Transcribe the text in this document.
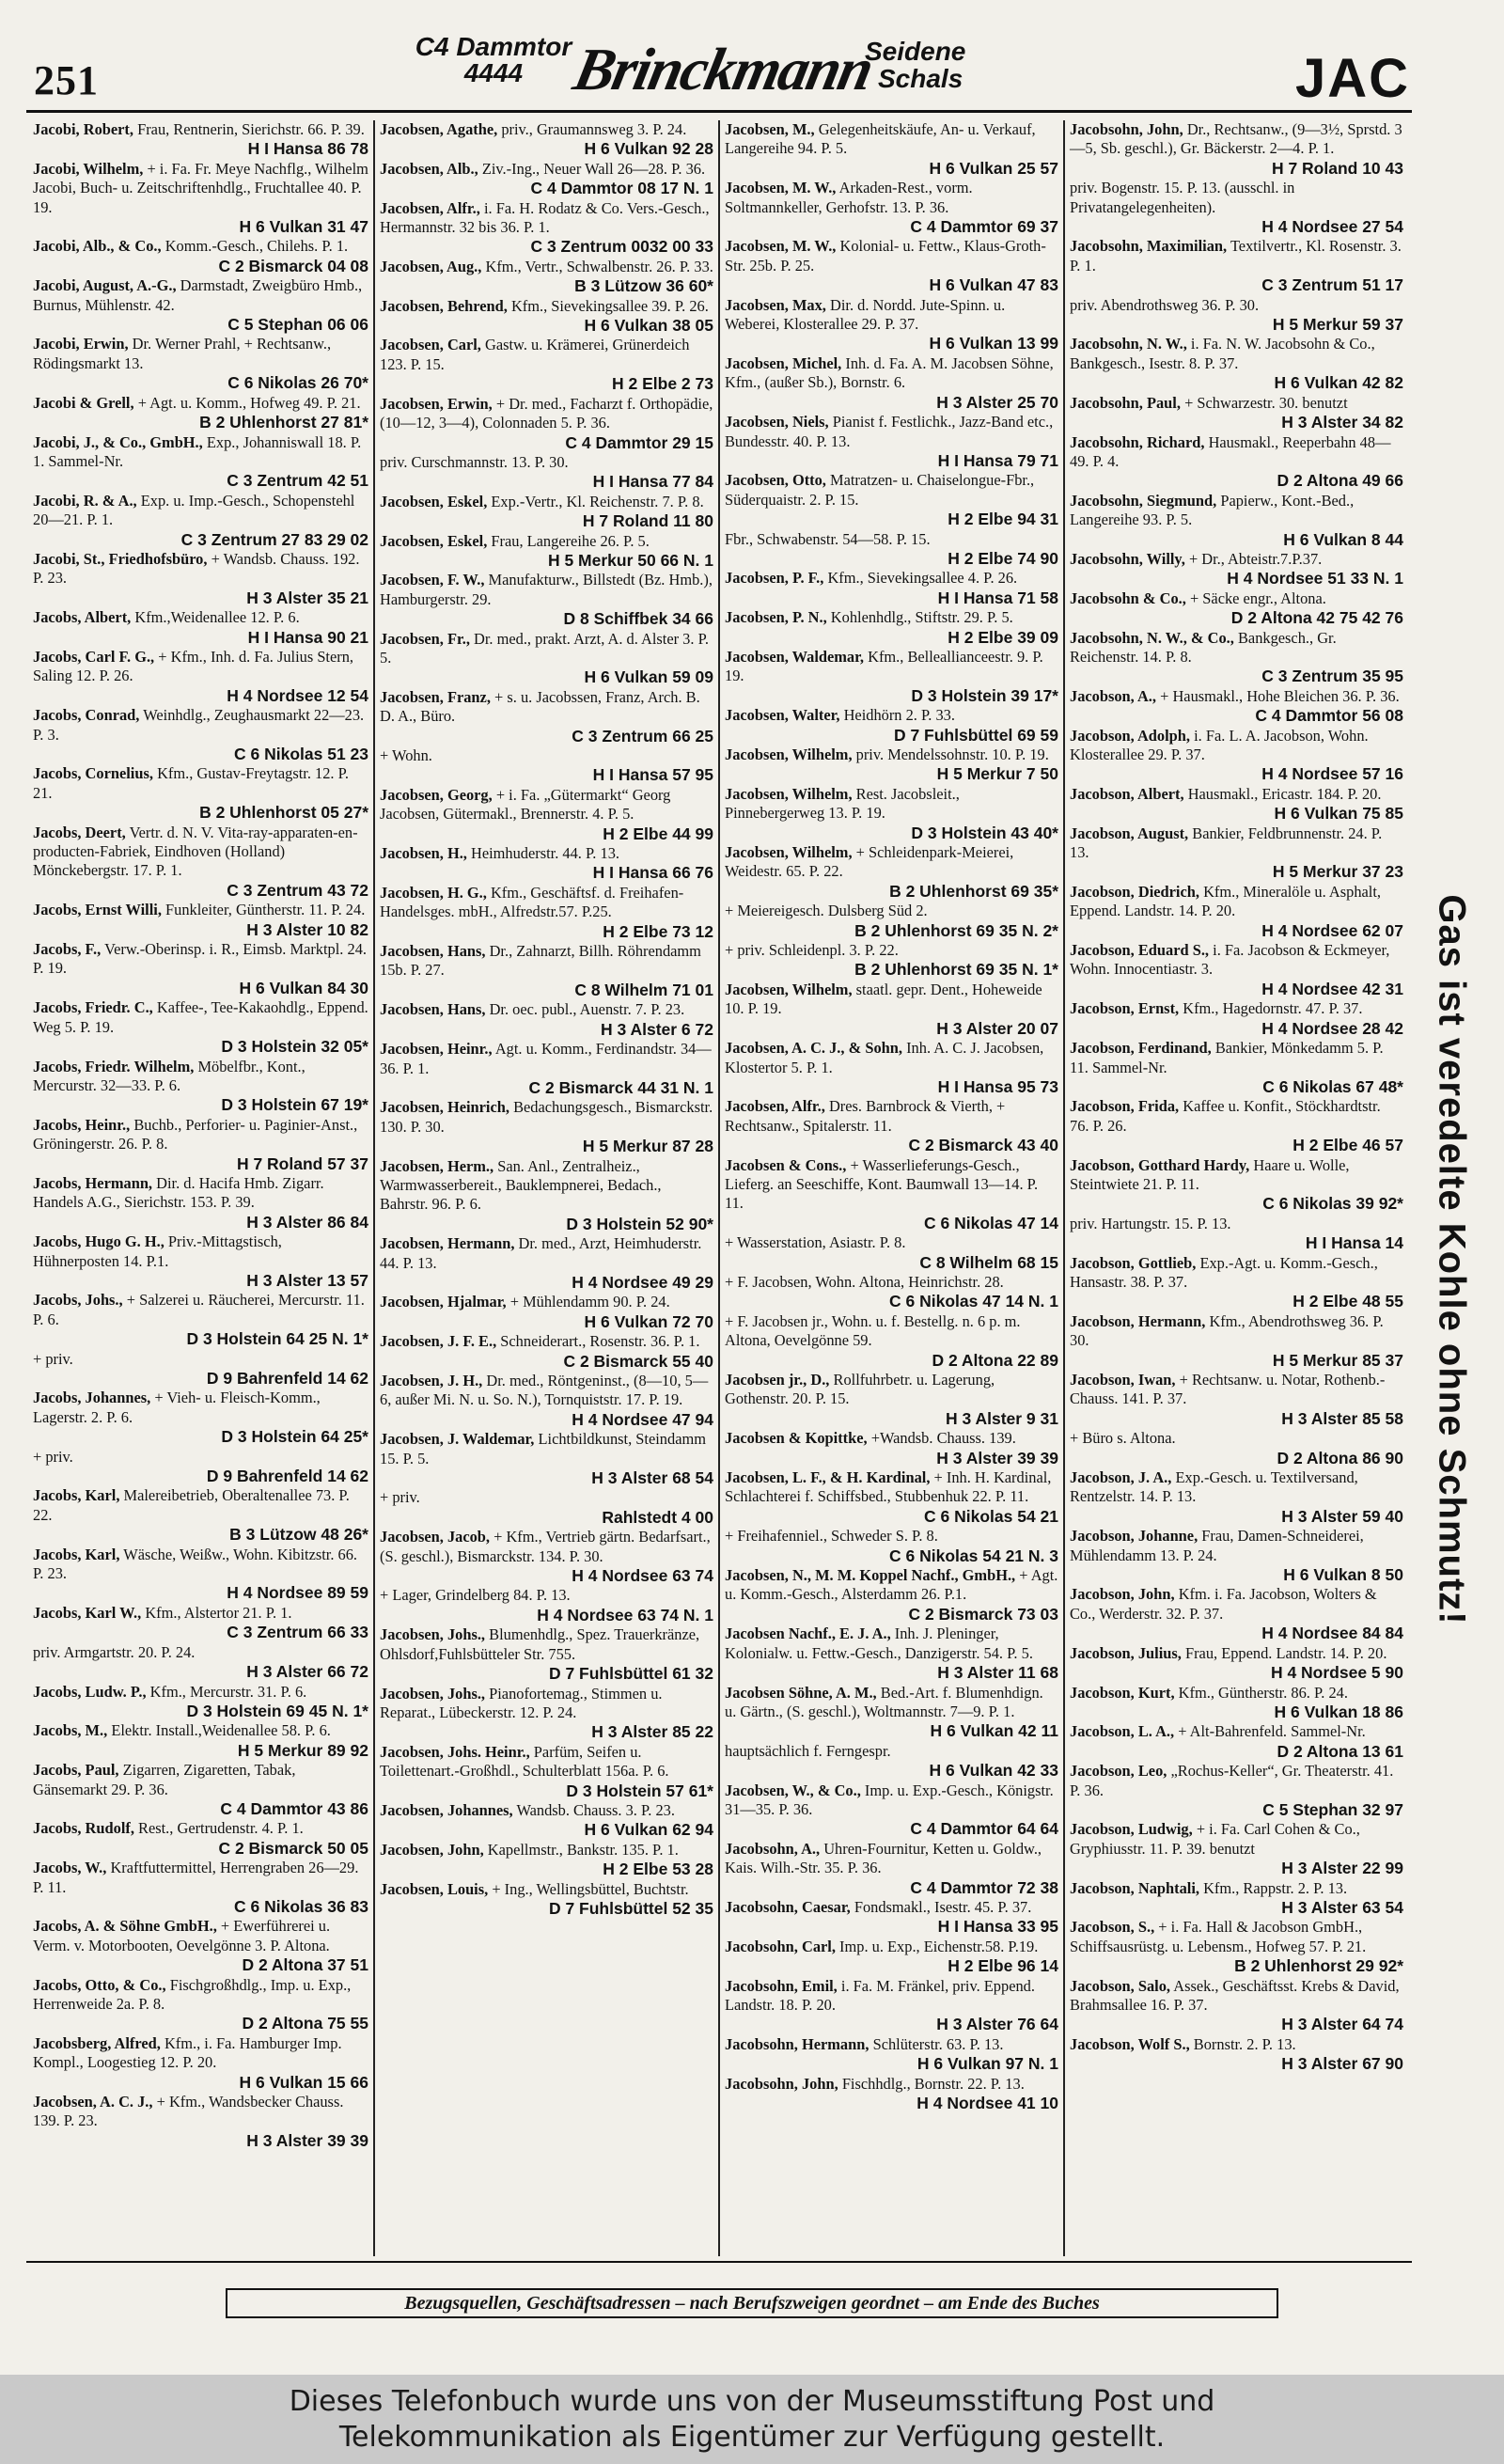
251
C4 Dammtor
4444 Brinckmann
Seidene
Schals	JAC
Jacobi, Robert, Frau, Rentnerin, Sierichstr. 66. P. 39.
H I Hansa 86 78
Jacobi, Wilhelm, + i. Fa. Fr. Meye Nachflg., Wilhelm Jacobi, Buch- u. Zeitschriftenhdlg., Fruchtallee 40. P. 19.
H 6 Vulkan 31 47
Jacobi, Alb., & Co., Komm.-Gesch., Chilehs. P. 1.
C 2 Bismarck 04 08
Jacobi, August, A.-G., Darmstadt, Zweigbüro Hmb., Burnus, Mühlenstr. 42.
C 5 Stephan 06 06
Jacobi, Erwin, Dr. Werner Prahl, + Rechtsanw., Rödingsmarkt 13.
C 6 Nikolas 26 70*
Jacobi & Grell, + Agt. u. Komm., Hofweg 49. P. 21.
B 2 Uhlenhorst 27 81*
Jacobi, J., & Co., GmbH., Exp., Johanniswall 18. P. 1. Sammel-Nr.
C 3 Zentrum 42 51
Jacobi, R. & A., Exp. u. Imp.-Gesch., Schopenstehl 20—21. P. 1.
C 3 Zentrum 27 83 29 02
Jacobi, St., Friedhofsbüro, + Wandsb. Chauss. 192. P. 23.
H 3 Alster 35 21
Jacobs, Albert, Kfm.,Weidenallee 12. P. 6.
H I Hansa 90 21
Jacobs, Carl F. G., + Kfm., Inh. d. Fa. Julius Stern, Saling 12. P. 26.
H 4 Nordsee 12 54
Jacobs, Conrad, Weinhdlg., Zeughausmarkt 22—23. P. 3.
C 6 Nikolas 51 23
Jacobs, Cornelius, Kfm., Gustav-Freytagstr. 12. P. 21.
B 2 Uhlenhorst 05 27*
Jacobs, Deert, Vertr. d. N. V. Vita-ray-apparaten-en-producten-Fabriek, Eindhoven (Holland) Mönckebergstr. 17. P. 1.
C 3 Zentrum 43 72
Jacobs, Ernst Willi, Funkleiter, Güntherstr. 11. P. 24.
H 3 Alster 10 82
Jacobs, F., Verw.-Oberinsp. i. R., Eimsb. Marktpl. 24. P. 19.
H 6 Vulkan 84 30
Jacobs, Friedr. C., Kaffee-, Tee-Kakaohdlg., Eppend. Weg 5. P. 19.
D 3 Holstein 32 05*
Jacobs, Friedr. Wilhelm, Möbelfbr., Kont., Mercurstr. 32—33. P. 6.
D 3 Holstein 67 19*
Jacobs, Heinr., Buchb., Perforier- u. Paginier-Anst., Gröningerstr. 26. P. 8.
H 7 Roland 57 37
Jacobs, Hermann, Dir. d. Hacifa Hmb. Zigarr. Handels A.G., Sierichstr. 153. P. 39.
H 3 Alster 86 84
Jacobs, Hugo G. H., Priv.-Mittagstisch, Hühnerposten 14. P.1.
H 3 Alster 13 57
Jacobs, Johs., + Salzerei u. Räucherei, Mercurstr. 11. P. 6.
D 3 Holstein 64 25 N. 1*
+ priv.
D 9 Bahrenfeld 14 62
Jacobs, Johannes, + Vieh- u. Fleisch-Komm., Lagerstr. 2. P. 6.
D 3 Holstein 64 25*
+ priv.
D 9 Bahrenfeld 14 62
Jacobs, Karl, Malereibetrieb, Oberaltenallee 73. P. 22.
B 3 Lützow 48 26*
Jacobs, Karl, Wäsche, Weißw., Wohn. Kibitzstr. 66. P. 23.
H 4 Nordsee 89 59
Jacobs, Karl W., Kfm., Alstertor 21. P. 1.
C 3 Zentrum 66 33
priv. Armgartstr. 20. P. 24.
H 3 Alster 66 72
Jacobs, Ludw. P., Kfm., Mercurstr. 31. P. 6.
D 3 Holstein 69 45 N. 1*
Jacobs, M., Elektr. Install.,Weidenallee 58. P. 6.
H 5 Merkur 89 92
Jacobs, Paul, Zigarren, Zigaretten, Tabak, Gänsemarkt 29. P. 36.
C 4 Dammtor 43 86
Jacobs, Rudolf, Rest., Gertrudenstr. 4. P. 1.
C 2 Bismarck 50 05
Jacobs, W., Kraftfuttermittel, Herrengraben 26—29. P. 11.
C 6 Nikolas 36 83
Jacobs, A. & Söhne GmbH., + Ewerführerei u. Verm. v. Motorbooten, Oevelgönne 3. P. Altona.
D 2 Altona 37 51
Jacobs, Otto, & Co., Fischgroßhdlg., Imp. u. Exp., Herrenweide 2a. P. 8.
D 2 Altona 75 55
Jacobsberg, Alfred, Kfm., i. Fa. Hamburger Imp. Kompl., Loogestieg 12. P. 20.
H 6 Vulkan 15 66
Jacobsen, A. C. J., + Kfm., Wandsbecker Chauss. 139. P. 23.
H 3 Alster 39 39
Jacobsen, Agathe, priv., Graumannsweg 3. P. 24.
H 6 Vulkan 92 28
Jacobsen, Alb., Ziv.-Ing., Neuer Wall 26—28. P. 36.
C 4 Dammtor 08 17 N. 1
Jacobsen, Alfr., i. Fa. H. Rodatz & Co. Vers.-Gesch., Hermannstr. 32 bis 36. P. 1.
C 3 Zentrum 0032 00 33
Jacobsen, Aug., Kfm., Vertr., Schwalbenstr. 26. P. 33.
B 3 Lützow 36 60*
Jacobsen, Behrend, Kfm., Sievekingsallee 39. P. 26.
H 6 Vulkan 38 05
Jacobsen, Carl, Gastw. u. Krämerei, Grünerdeich 123. P. 15.
H 2 Elbe 2 73
Jacobsen, Erwin, + Dr. med., Facharzt f. Orthopädie, (10—12, 3—4), Colonnaden 5. P. 36.
C 4 Dammtor 29 15
priv. Curschmannstr. 13. P. 30.
H I Hansa 77 84
Jacobsen, Eskel, Exp.-Vertr., Kl. Reichenstr. 7. P. 8.
H 7 Roland 11 80
Jacobsen, Eskel, Frau, Langereihe 26. P. 5.
H 5 Merkur 50 66 N. 1
Jacobsen, F. W., Manufakturw., Billstedt (Bz. Hmb.), Hamburgerstr. 29.
D 8 Schiffbek 34 66
Jacobsen, Fr., Dr. med., prakt. Arzt, A. d. Alster 3. P. 5.
H 6 Vulkan 59 09
Jacobsen, Franz, + s. u. Jacobssen, Franz, Arch. B. D. A., Büro.
C 3 Zentrum 66 25
+ Wohn.
H I Hansa 57 95
Jacobsen, Georg, + i. Fa. „Gütermarkt“ Georg Jacobsen, Gütermakl., Brennerstr. 4. P. 5.
H 2 Elbe 44 99
Jacobsen, H., Heimhuderstr. 44. P. 13.
H I Hansa 66 76
Jacobsen, H. G., Kfm., Geschäftsf. d. Freihafen-Handelsges. mbH., Alfredstr.57. P.25.
H 2 Elbe 73 12
Jacobsen, Hans, Dr., Zahnarzt, Billh. Röhrendamm 15b. P. 27.
C 8 Wilhelm 71 01
Jacobsen, Hans, Dr. oec. publ., Auenstr. 7. P. 23.
H 3 Alster 6 72
Jacobsen, Heinr., Agt. u. Komm., Ferdinandstr. 34—36. P. 1.
C 2 Bismarck 44 31 N. 1
Jacobsen, Heinrich, Bedachungsgesch., Bismarckstr. 130. P. 30.
H 5 Merkur 87 28
Jacobsen, Herm., San. Anl., Zentralheiz., Warmwasserbereit., Bauklempnerei, Bedach., Bahrstr. 96. P. 6.
D 3 Holstein 52 90*
Jacobsen, Hermann, Dr. med., Arzt, Heimhuderstr. 44. P. 13.
H 4 Nordsee 49 29
Jacobsen, Hjalmar, + Mühlendamm 90. P. 24.
H 6 Vulkan 72 70
Jacobsen, J. F. E., Schneiderart., Rosenstr. 36. P. 1.
C 2 Bismarck 55 40
Jacobsen, J. H., Dr. med., Röntgeninst., (8—10, 5—6, außer Mi. N. u. So. N.), Tornquiststr. 17. P. 19.
H 4 Nordsee 47 94
Jacobsen, J. Waldemar, Lichtbildkunst, Steindamm 15. P. 5.
H 3 Alster 68 54
+ priv.
Rahlstedt 4 00
Jacobsen, Jacob, + Kfm., Vertrieb gärtn. Bedarfsart., (S. geschl.), Bismarckstr. 134. P. 30.
H 4 Nordsee 63 74
+ Lager, Grindelberg 84. P. 13.
H 4 Nordsee 63 74 N. 1
Jacobsen, Johs., Blumenhdlg., Spez. Trauerkränze, Ohlsdorf,Fuhlsbütteler Str. 755.
D 7 Fuhlsbüttel 61 32
Jacobsen, Johs., Pianofortemag., Stimmen u. Reparat., Lübeckerstr. 12. P. 24.
H 3 Alster 85 22
Jacobsen, Johs. Heinr., Parfüm, Seifen u. Toilettenart.-Großhdl., Schulterblatt 156a. P. 6.
D 3 Holstein 57 61*
Jacobsen, Johannes, Wandsb. Chauss. 3. P. 23.
H 6 Vulkan 62 94
Jacobsen, John, Kapellmstr., Bankstr. 135. P. 1.
H 2 Elbe 53 28
Jacobsen, Louis, + Ing., Wellingsbüttel, Buchtstr.
D 7 Fuhlsbüttel 52 35
Jacobsen, M., Gelegenheitskäufe, An- u. Verkauf, Langereihe 94. P. 5.
H 6 Vulkan 25 57
Jacobsen, M. W., Arkaden-Rest., vorm. Soltmannkeller, Gerhofstr. 13. P. 36.
C 4 Dammtor 69 37
Jacobsen, M. W., Kolonial- u. Fettw., Klaus-Groth-Str. 25b. P. 25.
H 6 Vulkan 47 83
Jacobsen, Max, Dir. d. Nordd. Jute-Spinn. u. Weberei, Klosterallee 29. P. 37.
H 6 Vulkan 13 99
Jacobsen, Michel, Inh. d. Fa. A. M. Jacobsen Söhne, Kfm., (außer Sb.), Bornstr. 6.
H 3 Alster 25 70
Jacobsen, Niels, Pianist f. Festlichk., Jazz-Band etc., Bundesstr. 40. P. 13.
H I Hansa 79 71
Jacobsen, Otto, Matratzen- u. Chaiselongue-Fbr., Süderquaistr. 2. P. 15.
H 2 Elbe 94 31
Fbr., Schwabenstr. 54—58. P. 15.
H 2 Elbe 74 90
Jacobsen, P. F., Kfm., Sievekingsallee 4. P. 26.
H I Hansa 71 58
Jacobsen, P. N., Kohlenhdlg., Stiftstr. 29. P. 5.
H 2 Elbe 39 09
Jacobsen, Waldemar, Kfm., Belleallianceestr. 9. P. 19.
D 3 Holstein 39 17*
Jacobsen, Walter, Heidhörn 2. P. 33.
D 7 Fuhlsbüttel 69 59
Jacobsen, Wilhelm, priv. Mendelssohnstr. 10. P. 19.
H 5 Merkur 7 50
Jacobsen, Wilhelm, Rest. Jacobsleit., Pinnebergerweg 13. P. 19.
D 3 Holstein 43 40*
Jacobsen, Wilhelm, + Schleidenpark-Meierei, Weidestr. 65. P. 22.
B 2 Uhlenhorst 69 35*
+ Meiereigesch. Dulsberg Süd 2.
B 2 Uhlenhorst 69 35 N. 2*
+ priv. Schleidenpl. 3. P. 22.
B 2 Uhlenhorst 69 35 N. 1*
Jacobsen, Wilhelm, staatl. gepr. Dent., Hoheweide 10. P. 19.
H 3 Alster 20 07
Jacobsen, A. C. J., & Sohn, Inh. A. C. J. Jacobsen, Klostertor 5. P. 1.
H I Hansa 95 73
Jacobsen, Alfr., Dres. Barnbrock & Vierth, + Rechtsanw., Spitalerstr. 11.
C 2 Bismarck 43 40
Jacobsen & Cons., + Wasserlieferungs-Gesch., Lieferg. an Seeschiffe, Kont. Baumwall 13—14. P. 11.
C 6 Nikolas 47 14
+ Wasserstation, Asiastr. P. 8.
C 8 Wilhelm 68 15
+ F. Jacobsen, Wohn. Altona, Heinrichstr. 28.
C 6 Nikolas 47 14 N. 1
+ F. Jacobsen jr., Wohn. u. f. Bestellg. n. 6 p. m. Altona, Oevelgönne 59.
D 2 Altona 22 89
Jacobsen jr., D., Rollfuhrbetr. u. Lagerung, Gothenstr. 20. P. 15.
H 3 Alster 9 31
Jacobsen & Kopittke, +Wandsb. Chauss. 139.
H 3 Alster 39 39
Jacobsen, L. F., & H. Kardinal, + Inh. H. Kardinal, Schlachterei f. Schiffsbed., Stubbenhuk 22. P. 11.
C 6 Nikolas 54 21
+ Freihafenniel., Schweder S. P. 8.
C 6 Nikolas 54 21 N. 3
Jacobsen, N., M. M. Koppel Nachf., GmbH., + Agt. u. Komm.-Gesch., Alsterdamm 26. P.1.
C 2 Bismarck 73 03
Jacobsen Nachf., E. J. A., Inh. J. Pleninger, Kolonialw. u. Fettw.-Gesch., Danzigerstr. 54. P. 5.
H 3 Alster 11 68
Jacobsen Söhne, A. M., Bed.-Art. f. Blumenhdign. u. Gärtn., (S. geschl.), Woltmannstr. 7—9. P. 1.
H 6 Vulkan 42 11
hauptsächlich f. Ferngespr.
H 6 Vulkan 42 33
Jacobsen, W., & Co., Imp. u. Exp.-Gesch., Königstr. 31—35. P. 36.
C 4 Dammtor 64 64
Jacobsohn, A., Uhren-Fournitur, Ketten u. Goldw., Kais. Wilh.-Str. 35. P. 36.
C 4 Dammtor 72 38
Jacobsohn, Caesar, Fondsmakl., Isestr. 45. P. 37.
H I Hansa 33 95
Jacobsohn, Carl, Imp. u. Exp., Eichenstr.58. P.19.
H 2 Elbe 96 14
Jacobsohn, Emil, i. Fa. M. Fränkel, priv. Eppend. Landstr. 18. P. 20.
H 3 Alster 76 64
Jacobsohn, Hermann, Schlüterstr. 63. P. 13.
H 6 Vulkan 97 N. 1
Jacobsohn, John, Fischhdlg., Bornstr. 22. P. 13.
H 4 Nordsee 41 10
Jacobsohn, John, Dr., Rechtsanw., (9—3½, Sprstd. 3—5, Sb. geschl.), Gr. Bäckerstr. 2—4. P. 1.
H 7 Roland 10 43
priv. Bogenstr. 15. P. 13. (ausschl. in Privatangelegenheiten).
H 4 Nordsee 27 54
Jacobsohn, Maximilian, Textilvertr., Kl. Rosenstr. 3. P. 1.
C 3 Zentrum 51 17
priv. Abendrothsweg 36. P. 30.
H 5 Merkur 59 37
Jacobsohn, N. W., i. Fa. N. W. Jacobsohn & Co., Bankgesch., Isestr. 8. P. 37.
H 6 Vulkan 42 82
Jacobsohn, Paul, + Schwarzestr. 30. benutzt
H 3 Alster 34 82
Jacobsohn, Richard, Hausmakl., Reeperbahn 48—49. P. 4.
D 2 Altona 49 66
Jacobsohn, Siegmund, Papierw., Kont.-Bed., Langereihe 93. P. 5.
H 6 Vulkan 8 44
Jacobsohn, Willy, + Dr., Abteistr.7.P.37.
H 4 Nordsee 51 33 N. 1
Jacobsohn & Co., + Säcke engr., Altona.
D 2 Altona 42 75 42 76
Jacobsohn, N. W., & Co., Bankgesch., Gr. Reichenstr. 14. P. 8.
C 3 Zentrum 35 95
Jacobson, A., + Hausmakl., Hohe Bleichen 36. P. 36.
C 4 Dammtor 56 08
Jacobson, Adolph, i. Fa. L. A. Jacobson, Wohn. Klosterallee 29. P. 37.
H 4 Nordsee 57 16
Jacobson, Albert, Hausmakl., Ericastr. 184. P. 20.
H 6 Vulkan 75 85
Jacobson, August, Bankier, Feldbrunnenstr. 24. P. 13.
H 5 Merkur 37 23
Jacobson, Diedrich, Kfm., Mineralöle u. Asphalt, Eppend. Landstr. 14. P. 20.
H 4 Nordsee 62 07
Jacobson, Eduard S., i. Fa. Jacobson & Eckmeyer, Wohn. Innocentiastr. 3.
H 4 Nordsee 42 31
Jacobson, Ernst, Kfm., Hagedornstr. 47. P. 37.
H 4 Nordsee 28 42
Jacobson, Ferdinand, Bankier, Mönkedamm 5. P. 11. Sammel-Nr.
C 6 Nikolas 67 48*
Jacobson, Frida, Kaffee u. Konfit., Stöckhardtstr. 76. P. 26.
H 2 Elbe 46 57
Jacobson, Gotthard Hardy, Haare u. Wolle, Steintwiete 21. P. 11.
C 6 Nikolas 39 92*
priv. Hartungstr. 15. P. 13.
H I Hansa 14
Jacobson, Gottlieb, Exp.-Agt. u. Komm.-Gesch., Hansastr. 38. P. 37.
H 2 Elbe 48 55
Jacobson, Hermann, Kfm., Abendrothsweg 36. P. 30.
H 5 Merkur 85 37
Jacobson, Iwan, + Rechtsanw. u. Notar, Rothenb.-Chauss. 141. P. 37.
H 3 Alster 85 58
+ Büro s. Altona.
D 2 Altona 86 90
Jacobson, J. A., Exp.-Gesch. u. Textilversand, Rentzelstr. 14. P. 13.
H 3 Alster 59 40
Jacobson, Johanne, Frau, Damen-Schneiderei, Mühlendamm 13. P. 24.
H 6 Vulkan 8 50
Jacobson, John, Kfm. i. Fa. Jacobson, Wolters & Co., Werderstr. 32. P. 37.
H 4 Nordsee 84 84
Jacobson, Julius, Frau, Eppend. Landstr. 14. P. 20.
H 4 Nordsee 5 90
Jacobson, Kurt, Kfm., Güntherstr. 86. P. 24.
H 6 Vulkan 18 86
Jacobson, L. A., + Alt-Bahrenfeld. Sammel-Nr.
D 2 Altona 13 61
Jacobson, Leo, „Rochus-Keller“, Gr. Theaterstr. 41. P. 36.
C 5 Stephan 32 97
Jacobson, Ludwig, + i. Fa. Carl Cohen & Co., Gryphiusstr. 11. P. 39. benutzt
H 3 Alster 22 99
Jacobson, Naphtali, Kfm., Rappstr. 2. P. 13.
H 3 Alster 63 54
Jacobson, S., + i. Fa. Hall & Jacobson GmbH., Schiffsausrüstg. u. Lebensm., Hofweg 57. P. 21.
B 2 Uhlenhorst 29 92*
Jacobson, Salo, Assek., Geschäftsst. Krebs & David, Brahmsallee 16. P. 37.
H 3 Alster 64 74
Jacobson, Wolf S., Bornstr. 2. P. 13.
H 3 Alster 67 90
Gas ist veredelte Kohle ohne Schmutz!
Bezugsquellen, Geschäftsadressen – nach Berufszweigen geordnet – am Ende des Buches

Dieses Telefonbuch wurde uns von der Museumsstiftung Post und
Telekommunikation als Eigentümer zur Verfügung gestellt.
